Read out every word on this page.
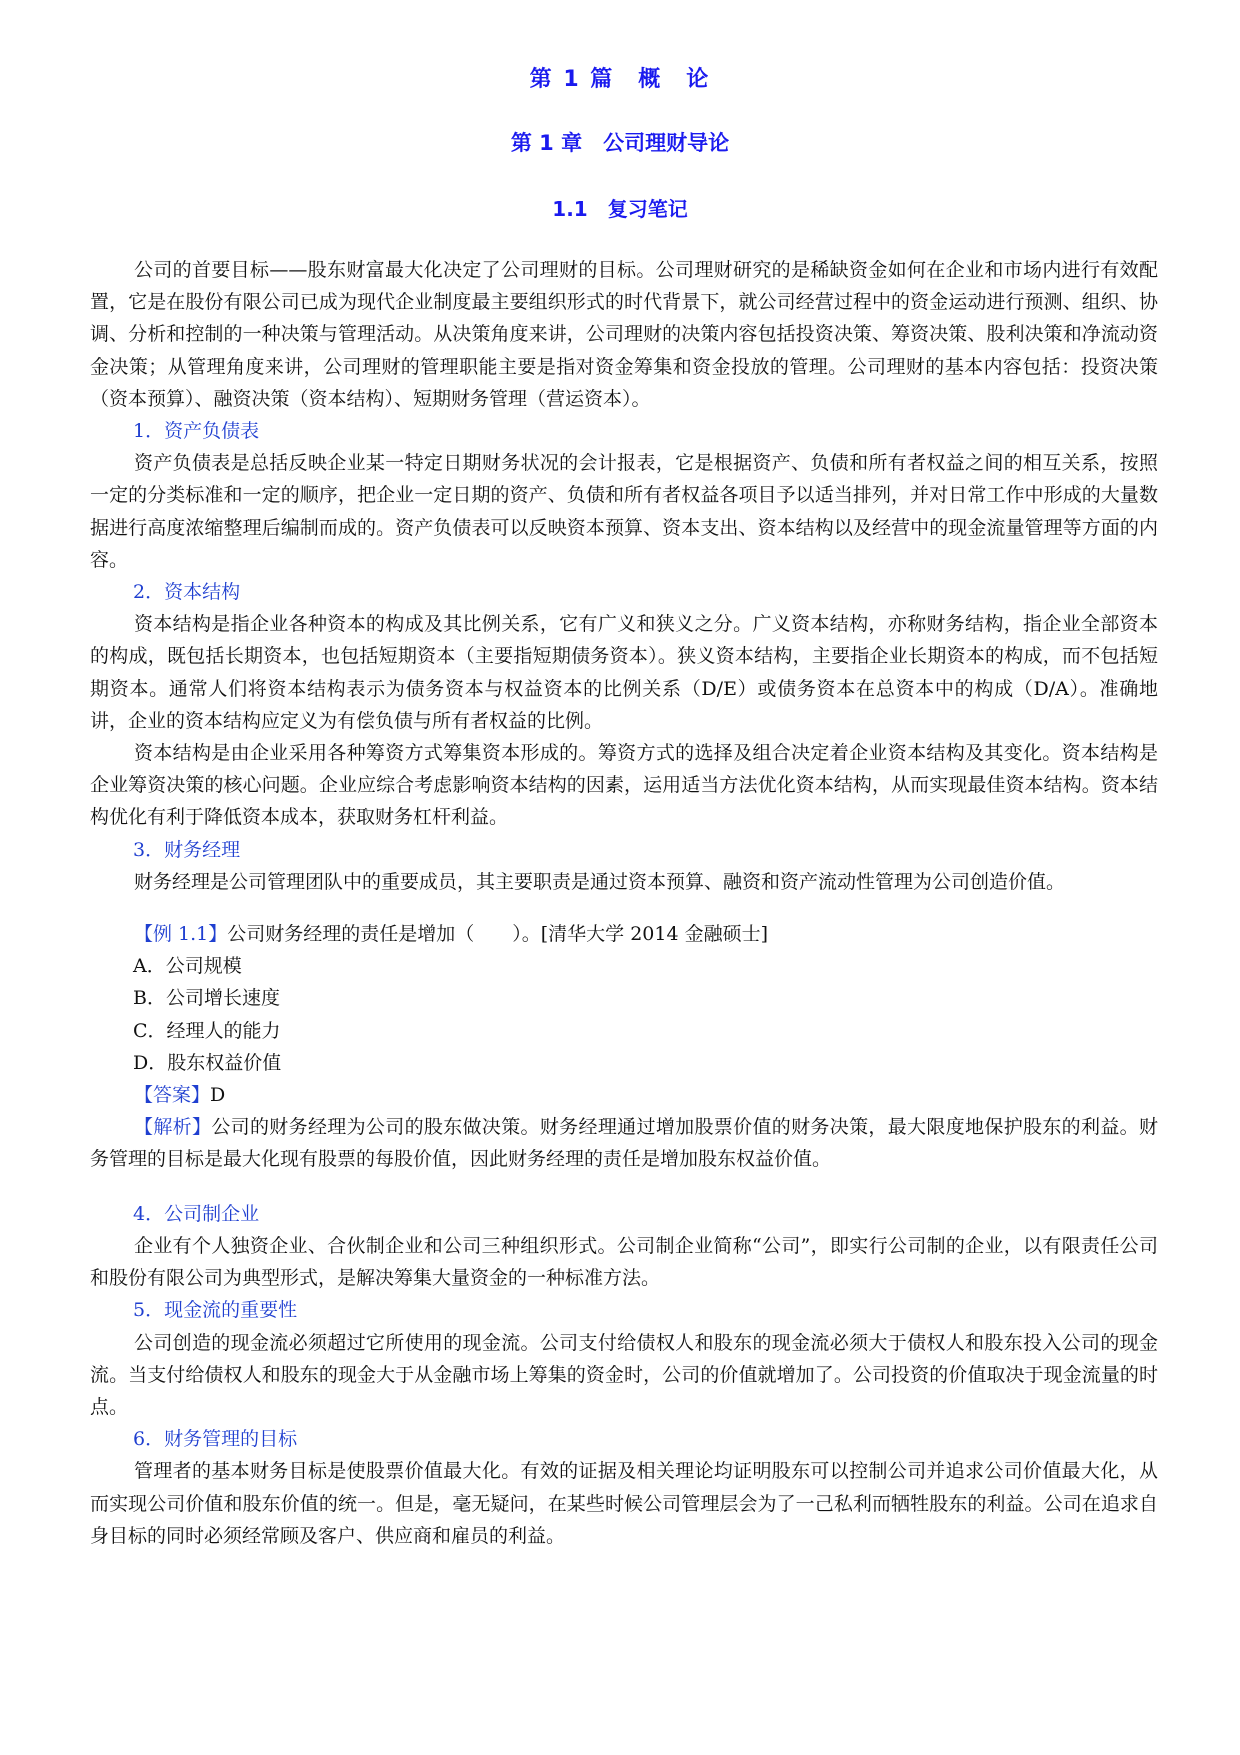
第 1 篇　概　论
第 1 章　公司理财导论
1.1　复习笔记

公司的首要目标——股东财富最大化决定了公司理财的目标。公司理财研究的是稀缺资金如何在企业和市场内进行有效配置，它是在股份有限公司已成为现代企业制度最主要组织形式的时代背景下，就公司经营过程中的资金运动进行预测、组织、协调、分析和控制的一种决策与管理活动。从决策角度来讲，公司理财的决策内容包括投资决策、筹资决策、股利决策和净流动资金决策；从管理角度来讲，公司理财的管理职能主要是指对资金筹集和资金投放的管理。公司理财的基本内容包括：投资决策（资本预算）、融资决策（资本结构）、短期财务管理（营运资本）。

1．资产负债表

资产负债表是总括反映企业某一特定日期财务状况的会计报表，它是根据资产、负债和所有者权益之间的相互关系，按照一定的分类标准和一定的顺序，把企业一定日期的资产、负债和所有者权益各项目予以适当排列，并对日常工作中形成的大量数据进行高度浓缩整理后编制而成的。资产负债表可以反映资本预算、资本支出、资本结构以及经营中的现金流量管理等方面的内容。

2．资本结构

资本结构是指企业各种资本的构成及其比例关系，它有广义和狭义之分。广义资本结构，亦称财务结构，指企业全部资本的构成，既包括长期资本，也包括短期资本（主要指短期债务资本）。狭义资本结构，主要指企业长期资本的构成，而不包括短期资本。通常人们将资本结构表示为债务资本与权益资本的比例关系（D/E）或债务资本在总资本中的构成（D/A）。准确地讲，企业的资本结构应定义为有偿负债与所有者权益的比例。

资本结构是由企业采用各种筹资方式筹集资本形成的。筹资方式的选择及组合决定着企业资本结构及其变化。资本结构是企业筹资决策的核心问题。企业应综合考虑影响资本结构的因素，运用适当方法优化资本结构，从而实现最佳资本结构。资本结构优化有利于降低资本成本，获取财务杠杆利益。

3．财务经理

财务经理是公司管理团队中的重要成员，其主要职责是通过资本预算、融资和资产流动性管理为公司创造价值。

【例 1.1】公司财务经理的责任是增加（　　）。[清华大学 2014 金融硕士]

A．公司规模

B．公司增长速度

C．经理人的能力

D．股东权益价值

【答案】D

【解析】公司的财务经理为公司的股东做决策。财务经理通过增加股票价值的财务决策，最大限度地保护股东的利益。财务管理的目标是最大化现有股票的每股价值，因此财务经理的责任是增加股东权益价值。

4．公司制企业

企业有个人独资企业、合伙制企业和公司三种组织形式。公司制企业简称“公司”，即实行公司制的企业，以有限责任公司和股份有限公司为典型形式，是解决筹集大量资金的一种标准方法。

5．现金流的重要性

公司创造的现金流必须超过它所使用的现金流。公司支付给债权人和股东的现金流必须大于债权人和股东投入公司的现金流。当支付给债权人和股东的现金大于从金融市场上筹集的资金时，公司的价值就增加了。公司投资的价值取决于现金流量的时点。

6．财务管理的目标

管理者的基本财务目标是使股票价值最大化。有效的证据及相关理论均证明股东可以控制公司并追求公司价值最大化，从而实现公司价值和股东价值的统一。但是，毫无疑问，在某些时候公司管理层会为了一己私利而牺牲股东的利益。公司在追求自身目标的同时必须经常顾及客户、供应商和雇员的利益。
